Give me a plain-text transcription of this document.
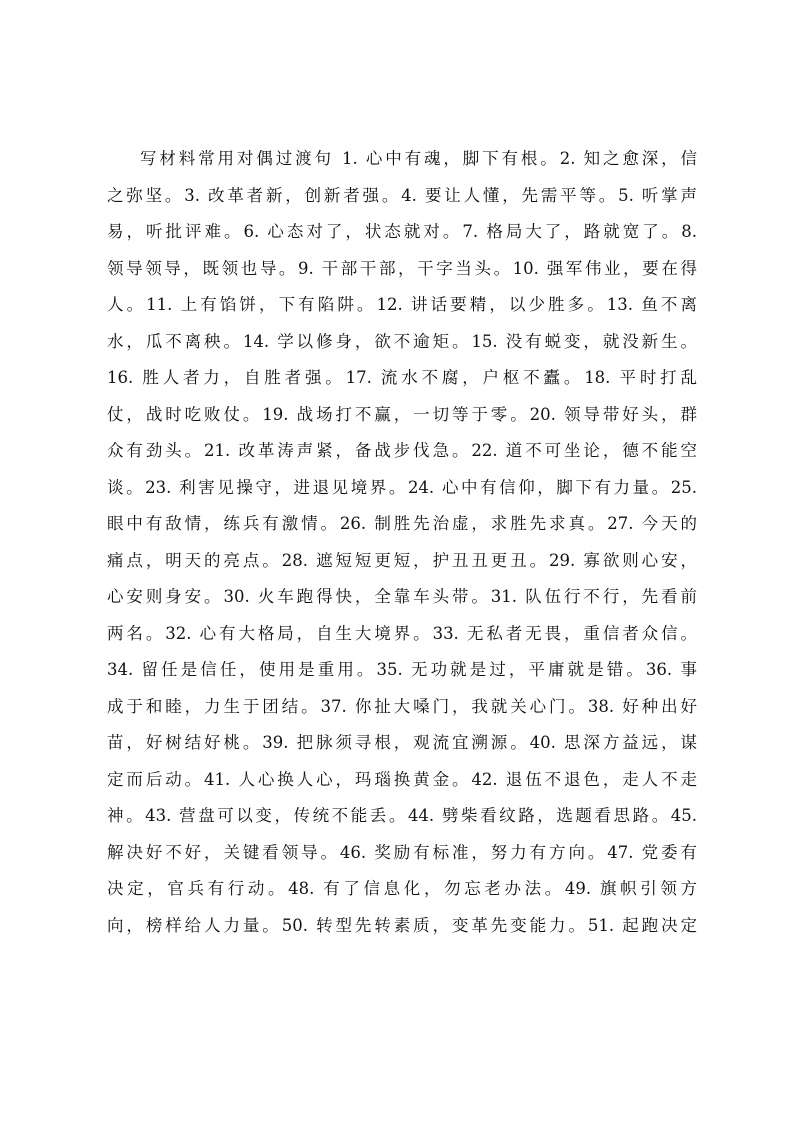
写材料常用对偶过渡句 1. 心中有魂，脚下有根。2. 知之愈深，信
之弥坚。3. 改革者新，创新者强。4. 要让人懂，先需平等。5. 听掌声
易，听批评难。6. 心态对了，状态就对。7. 格局大了，路就宽了。8.
领导领导，既领也导。9. 干部干部，干字当头。10. 强军伟业，要在得
人。11. 上有馅饼，下有陷阱。12. 讲话要精，以少胜多。13. 鱼不离
水，瓜不离秧。14. 学以修身，欲不逾矩。15. 没有蜕变，就没新生。
16. 胜人者力，自胜者强。17. 流水不腐，户枢不蠹。18. 平时打乱
仗，战时吃败仗。19. 战场打不赢，一切等于零。20. 领导带好头，群
众有劲头。21. 改革涛声紧，备战步伐急。22. 道不可坐论，德不能空
谈。23. 利害见操守，进退见境界。24. 心中有信仰，脚下有力量。25.
眼中有敌情，练兵有激情。26. 制胜先治虚，求胜先求真。27. 今天的
痛点，明天的亮点。28. 遮短短更短，护丑丑更丑。29. 寡欲则心安，
心安则身安。30. 火车跑得快，全靠车头带。31. 队伍行不行，先看前
两名。32. 心有大格局，自生大境界。33. 无私者无畏，重信者众信。
34. 留任是信任，使用是重用。35. 无功就是过，平庸就是错。36. 事
成于和睦，力生于团结。37. 你扯大嗓门，我就关心门。38. 好种出好
苗，好树结好桃。39. 把脉须寻根，观流宜溯源。40. 思深方益远，谋
定而后动。41. 人心换人心，玛瑙换黄金。42. 退伍不退色，走人不走
神。43. 营盘可以变，传统不能丢。44. 劈柴看纹路，选题看思路。45.
解决好不好，关键看领导。46. 奖励有标准，努力有方向。47. 党委有
决定，官兵有行动。48. 有了信息化，勿忘老办法。49. 旗帜引领方
向，榜样给人力量。50. 转型先转素质，变革先变能力。51. 起跑决定
